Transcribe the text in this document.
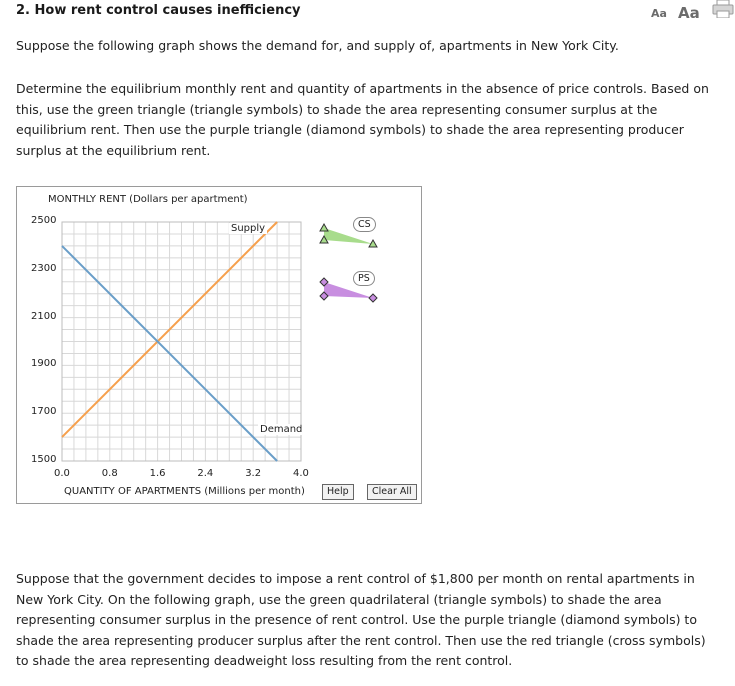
2. How rent control causes inefficiency	Aa Aa
Suppose the following graph shows the demand for, and supply of, apartments in New York City.
Determine the equilibrium monthly rent and quantity of apartments in the absence of price controls. Based on this, use the green triangle (triangle symbols) to shade the area representing consumer surplus at the equilibrium rent. Then use the purple triangle (diamond symbols) to shade the area representing producer surplus at the equilibrium rent.
MONTHLY RENT (Dollars per apartment)
2500
2300
2100
1900
1700
1500
0.0	0.8	1.6	2.4	3.2	4.0
Supply
Demand
CS
PS
QUANTITY OF APARTMENTS (Millions per month)	Help	Clear All
Suppose that the government decides to impose a rent control of $1,800 per month on rental apartments in New York City. On the following graph, use the green quadrilateral (triangle symbols) to shade the area representing consumer surplus in the presence of rent control. Use the purple triangle (diamond symbols) to shade the area representing producer surplus after the rent control. Then use the red triangle (cross symbols) to shade the area representing deadweight loss resulting from the rent control.
